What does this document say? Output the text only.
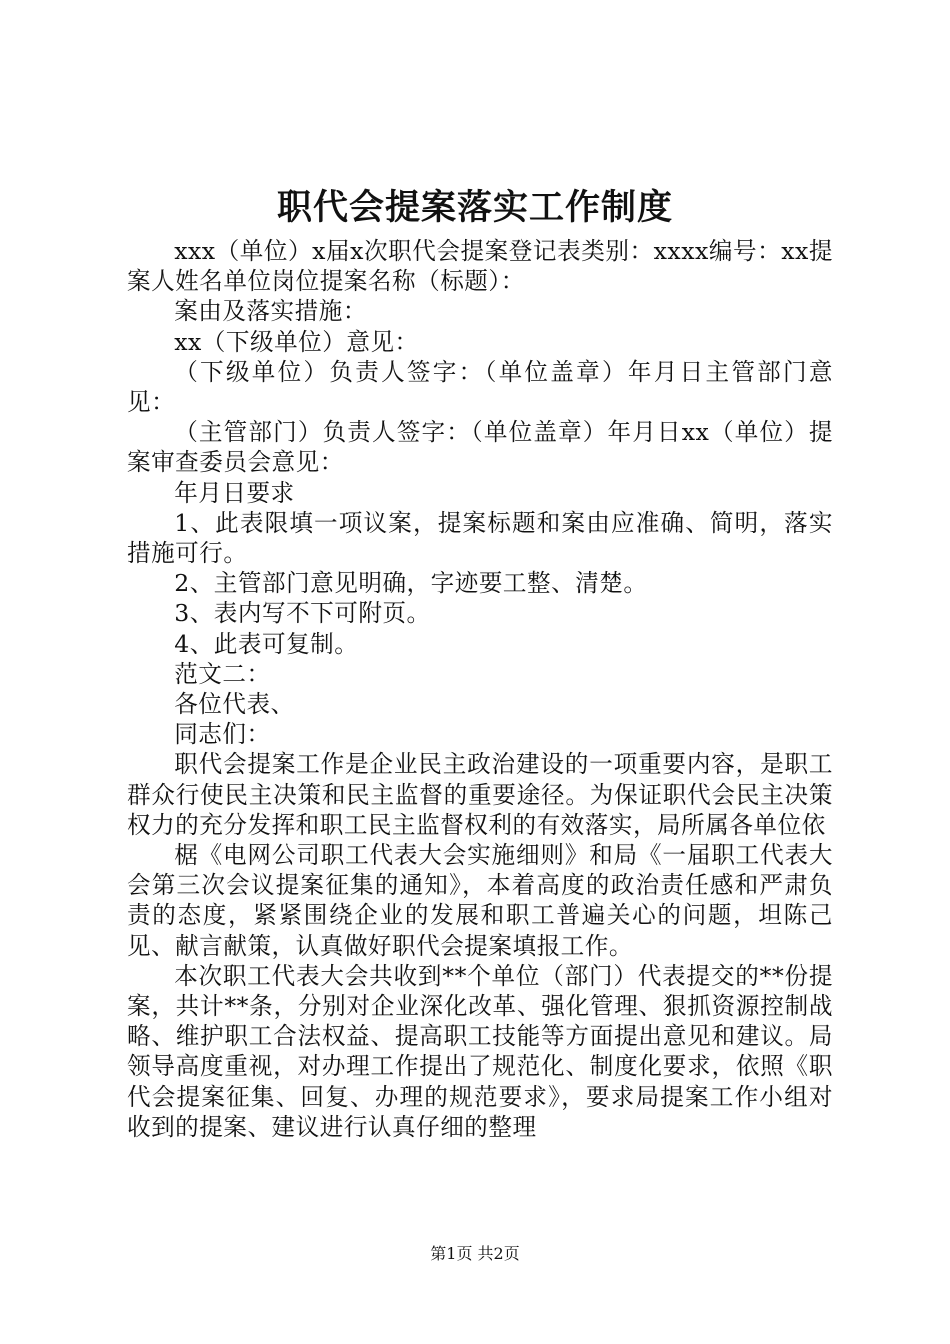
职代会提案落实工作制度

xxx（单位）x届x次职代会提案登记表类别：xxxx编号：xx提案人姓名单位岗位提案名称（标题）：

案由及落实措施：

xx（下级单位）意见：

（下级单位）负责人签字：（单位盖章）年月日主管部门意见：

（主管部门）负责人签字：（单位盖章）年月日xx（单位）提案审查委员会意见：

年月日要求

1、此表限填一项议案，提案标题和案由应准确、简明，落实措施可行。

2、主管部门意见明确，字迹要工整、清楚。

3、表内写不下可附页。

4、此表可复制。

范文二：

各位代表、

同志们：

职代会提案工作是企业民主政治建设的一项重要内容，是职工群众行使民主决策和民主监督的重要途径。为保证职代会民主决策权力的充分发挥和职工民主监督权利的有效落实，局所属各单位依

椐《电网公司职工代表大会实施细则》和局《一届职工代表大会第三次会议提案征集的通知》，本着高度的政治责任感和严肃负责的态度，紧紧围绕企业的发展和职工普遍关心的问题，坦陈己见、献言献策，认真做好职代会提案填报工作。

本次职工代表大会共收到**个单位（部门）代表提交的**份提案，共计**条，分别对企业深化改革、强化管理、狠抓资源控制战略、维护职工合法权益、提高职工技能等方面提出意见和建议。局领导高度重视，对办理工作提出了规范化、制度化要求，依照《职代会提案征集、回复、办理的规范要求》，要求局提案工作小组对收到的提案、建议进行认真仔细的整理

第1页 共2页
